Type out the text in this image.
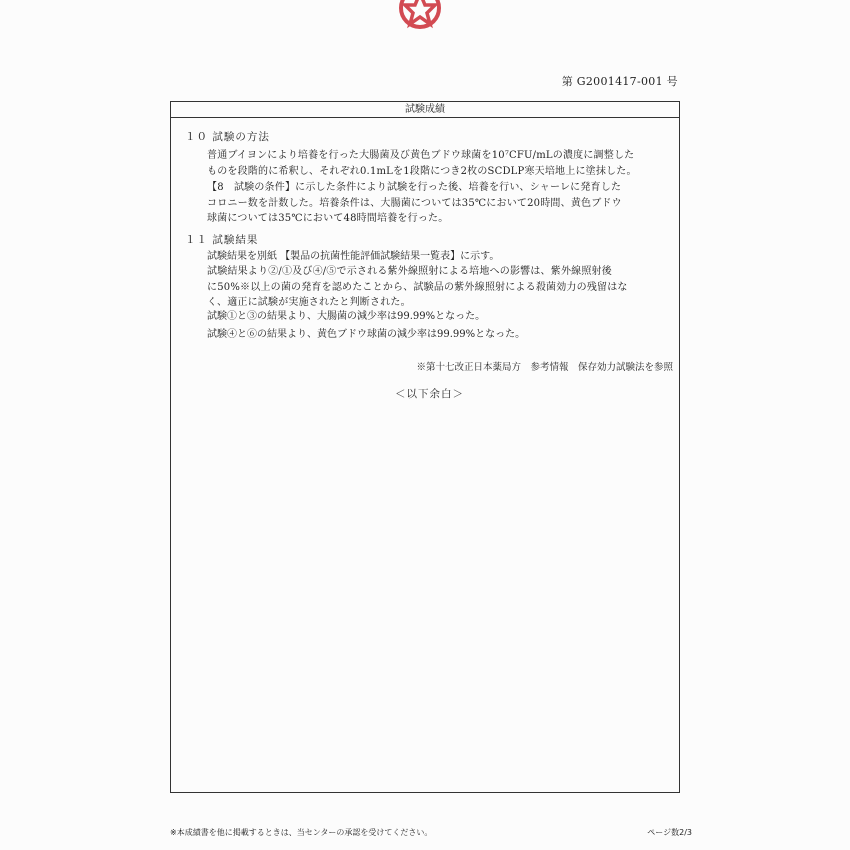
第 G2001417-001 号
試験成績
１０ 試験の方法
普通ブイヨンにより培養を行った大腸菌及び黄色ブドウ球菌を10⁷CFU/mLの濃度に調整した
ものを段階的に希釈し、それぞれ0.1mLを1段階につき2枚のSCDLP寒天培地上に塗抹した。
【8　試験の条件】に示した条件により試験を行った後、培養を行い、シャーレに発育した
コロニー数を計数した。培養条件は、大腸菌については35℃において20時間、黄色ブドウ
球菌については35℃において48時間培養を行った。
１１ 試験結果
試験結果を別紙 【製品の抗菌性能評価試験結果一覧表】に示す。
試験結果より②/①及び④/⑤で示される紫外線照射による培地への影響は、紫外線照射後
に50%※以上の菌の発育を認めたことから、試験品の紫外線照射による殺菌効力の残留はな
く、適正に試験が実施されたと判断された。
試験①と③の結果より、大腸菌の減少率は99.99%となった。
試験④と⑥の結果より、黄色ブドウ球菌の減少率は99.99%となった。
※第十七改正日本薬局方　参考情報　保存効力試験法を参照
＜以下余白＞
※本成績書を他に掲載するときは、当センターの承認を受けてください。	ページ数2/3
